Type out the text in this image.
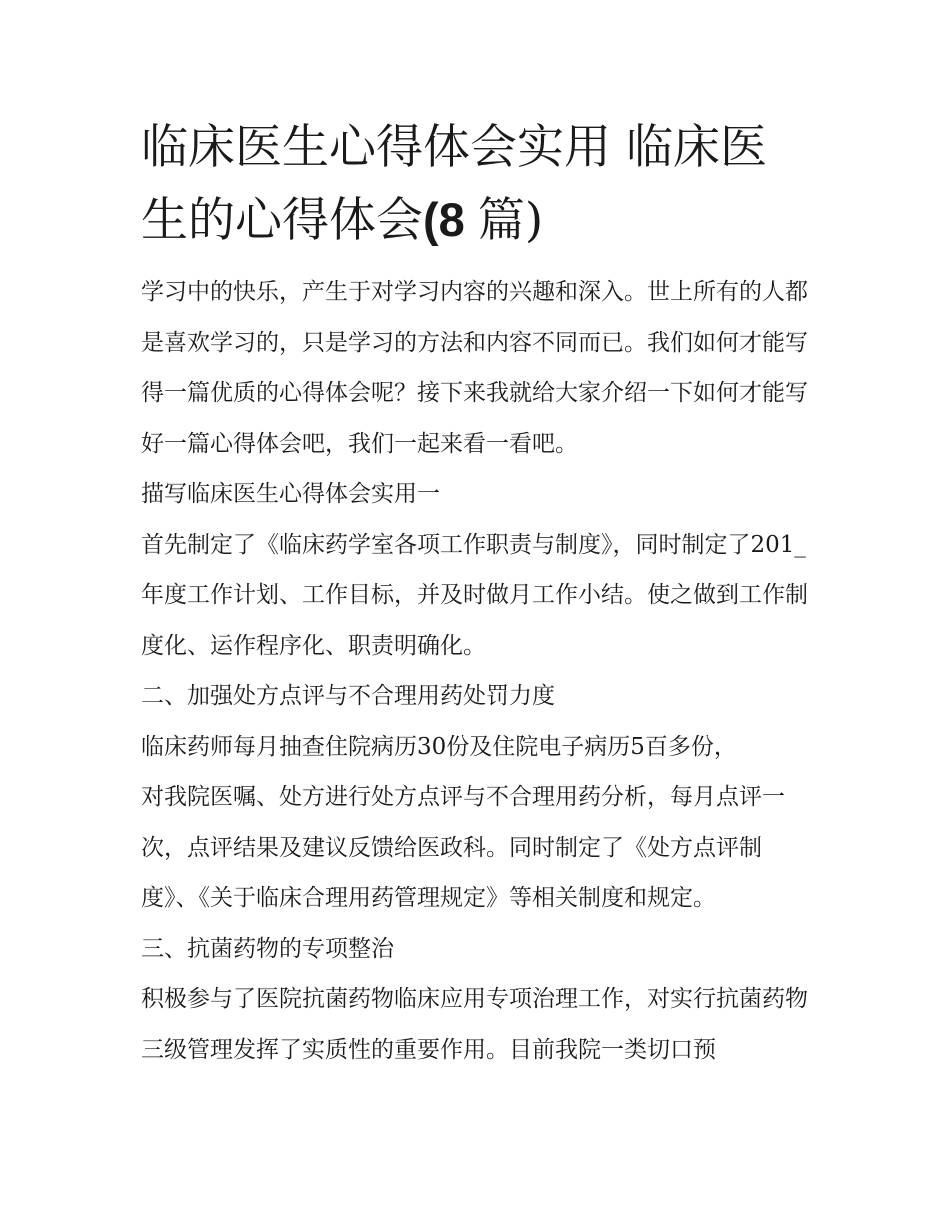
临床医生心得体会实用 临床医生的心得体会(8 篇)

学习中的快乐，产生于对学习内容的兴趣和深入。世上所有的人都是喜欢学习的，只是学习的方法和内容不同而已。我们如何才能写得一篇优质的心得体会呢？接下来我就给大家介绍一下如何才能写好一篇心得体会吧，我们一起来看一看吧。

描写临床医生心得体会实用一

首先制定了《临床药学室各项工作职责与制度》，同时制定了201_年度工作计划、工作目标，并及时做月工作小结。使之做到工作制度化、运作程序化、职责明确化。

二、加强处方点评与不合理用药处罚力度

临床药师每月抽查住院病历30份及住院电子病历5百多份，

对我院医嘱、处方进行处方点评与不合理用药分析，每月点评一次，点评结果及建议反馈给医政科。同时制定了《处方点评制度》、《关于临床合理用药管理规定》等相关制度和规定。

三、抗菌药物的专项整治

积极参与了医院抗菌药物临床应用专项治理工作，对实行抗菌药物三级管理发挥了实质性的重要作用。目前我院一类切口预
